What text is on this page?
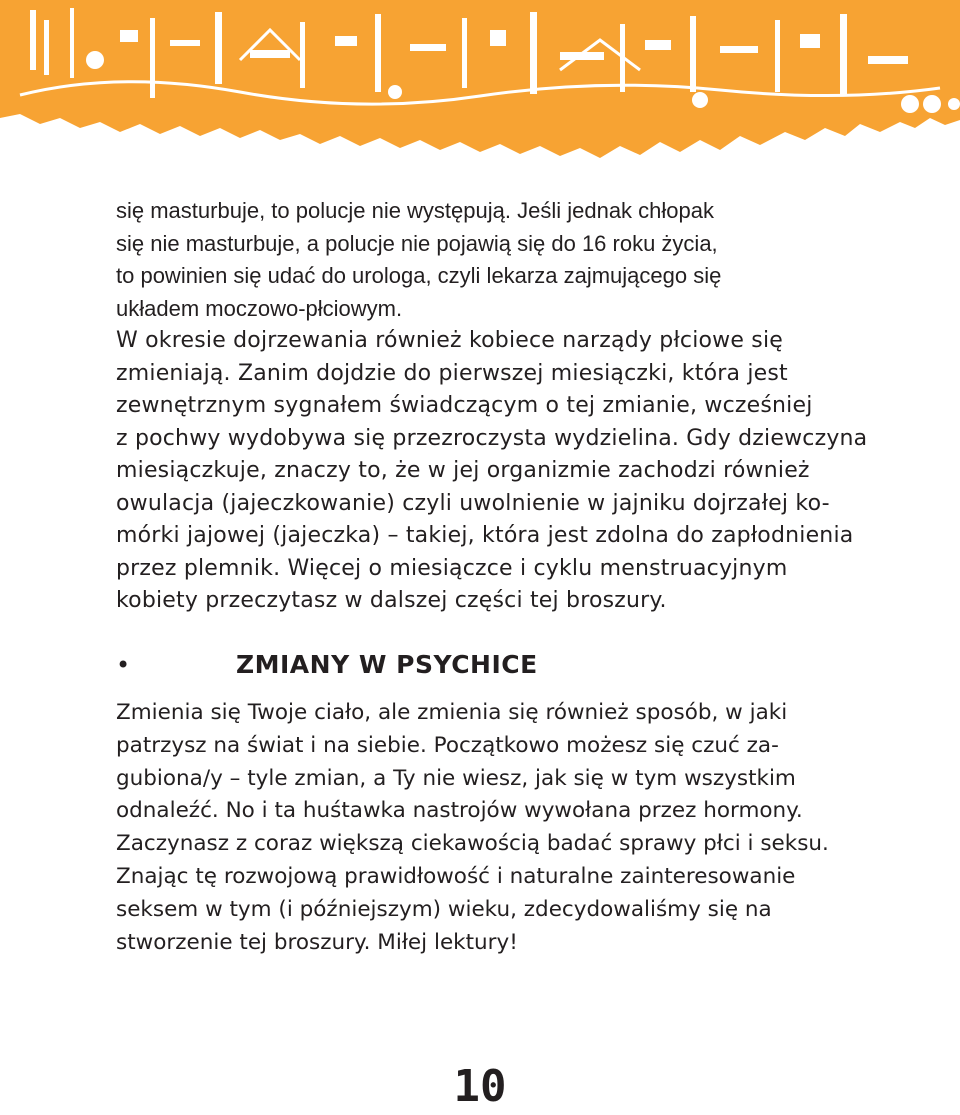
się masturbuje, to polucje nie występują. Jeśli jednak chłopak
się nie masturbuje, a polucje nie pojawią się do 16 roku życia,
to powinien się udać do urologa, czyli lekarza zajmującego się
układem moczowo-płciowym.
W okresie dojrzewania również kobiece narządy płciowe się
zmieniają. Zanim dojdzie do pierwszej miesiączki, która jest
zewnętrznym sygnałem świadczącym o tej zmianie, wcześniej
z pochwy wydobywa się przezroczysta wydzielina. Gdy dziewczyna
miesiączkuje, znaczy to, że w jej organizmie zachodzi również
owulacja (jajeczkowanie) czyli uwolnienie w jajniku dojrzałej ko-
mórki jajowej (jajeczka) – takiej, która jest zdolna do zapłodnienia
przez plemnik. Więcej o miesiączce i cyklu menstruacyjnym
kobiety przeczytasz w dalszej części tej broszury.
•	ZMIANY W PSYCHICE
Zmienia się Twoje ciało, ale zmienia się również sposób, w jaki
patrzysz na świat i na siebie. Początkowo możesz się czuć za-
gubiona/y – tyle zmian, a Ty nie wiesz, jak się w tym wszystkim
odnaleźć. No i ta huśtawka nastrojów wywołana przez hormony.
Zaczynasz z coraz większą ciekawością badać sprawy płci i seksu.
Znając tę rozwojową prawidłowość i naturalne zainteresowanie
seksem w tym (i późniejszym) wieku, zdecydowaliśmy się na
stworzenie tej broszury. Miłej lektury!
10
